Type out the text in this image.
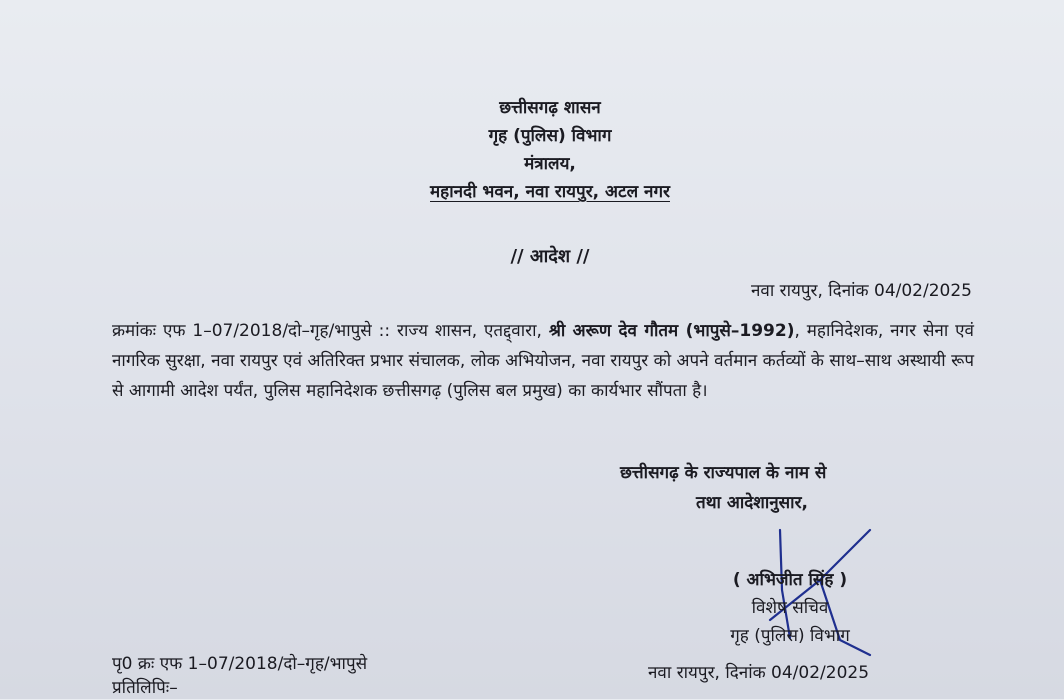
छत्तीसगढ़ शासन
गृह (पुलिस) विभाग
मंत्रालय,
महानदी भवन, नवा रायपुर, अटल नगर
// आदेश //
नवा रायपुर, दिनांक 04/02/2025
क्रमांकः एफ 1–07/2018/दो–गृह/भापुसे :: राज्य शासन, एतद्द्वारा, श्री अरूण देव गौतम (भापुसे–1992), महानिदेशक, नगर सेना एवं नागरिक सुरक्षा, नवा रायपुर एवं अतिरिक्त प्रभार संचालक, लोक अभियोजन, नवा रायपुर को अपने वर्तमान कर्तव्यों के साथ–साथ अस्थायी रूप से आगामी आदेश पर्यंत, पुलिस महानिदेशक छत्तीसगढ़ (पुलिस बल प्रमुख) का कार्यभार सौंपता है।
छत्तीसगढ़ के राज्यपाल के नाम से
तथा आदेशानुसार,
( अभिजीत सिंह )
विशेष सचिव
गृह (पुलिस) विभाग
पृ0 क्रः एफ 1–07/2018/दो–गृह/भापुसे
प्रतिलिपिः–
नवा रायपुर, दिनांक 04/02/2025
